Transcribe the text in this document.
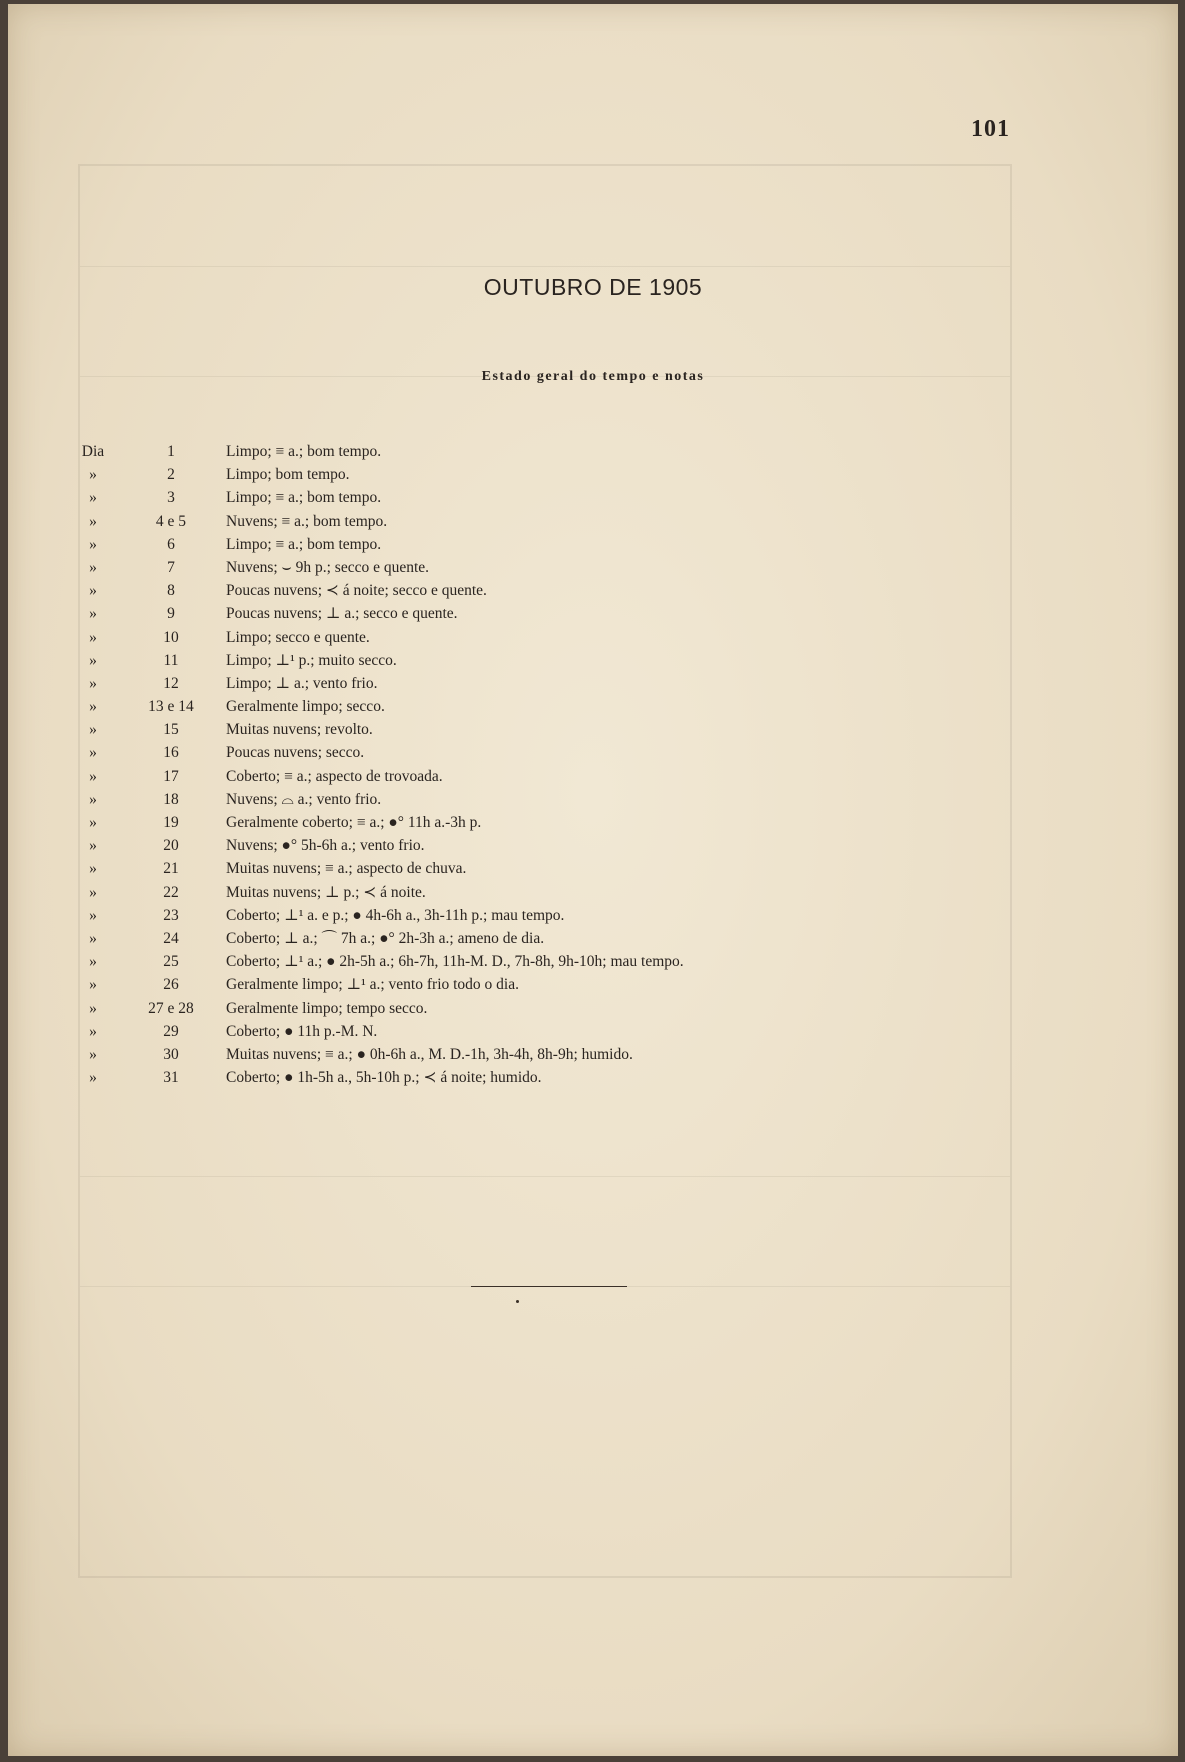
101
OUTUBRO DE 1905
Estado geral do tempo e notas
Dia	1	Limpo; ≡ a.; bom tempo.
»	2	Limpo; bom tempo.
»	3	Limpo; ≡ a.; bom tempo.
»	4 e 5	Nuvens; ≡ a.; bom tempo.
»	6	Limpo; ≡ a.; bom tempo.
»	7	Nuvens; ⌣ 9h p.; secco e quente.
»	8	Poucas nuvens; ≺ á noite; secco e quente.
»	9	Poucas nuvens; ⊥ a.; secco e quente.
»	10	Limpo; secco e quente.
»	11	Limpo; ⊥¹ p.; muito secco.
»	12	Limpo; ⊥ a.; vento frio.
»	13 e 14	Geralmente limpo; secco.
»	15	Muitas nuvens; revolto.
»	16	Poucas nuvens; secco.
»	17	Coberto; ≡ a.; aspecto de trovoada.
»	18	Nuvens; ⌓ a.; vento frio.
»	19	Geralmente coberto; ≡ a.; ●° 11h a.-3h p.
»	20	Nuvens; ●° 5h-6h a.; vento frio.
»	21	Muitas nuvens; ≡ a.; aspecto de chuva.
»	22	Muitas nuvens; ⊥ p.; ≺ á noite.
»	23	Coberto; ⊥¹ a. e p.; ● 4h-6h a., 3h-11h p.; mau tempo.
»	24	Coberto; ⊥ a.; ⌒ 7h a.; ●° 2h-3h a.; ameno de dia.
»	25	Coberto; ⊥¹ a.; ● 2h-5h a.; 6h-7h, 11h-M. D., 7h-8h, 9h-10h; mau tempo.
»	26	Geralmente limpo; ⊥¹ a.; vento frio todo o dia.
»	27 e 28	Geralmente limpo; tempo secco.
»	29	Coberto; ● 11h p.-M. N.
»	30	Muitas nuvens; ≡ a.; ● 0h-6h a., M. D.-1h, 3h-4h, 8h-9h; humido.
»	31	Coberto; ● 1h-5h a., 5h-10h p.; ≺ á noite; humido.
